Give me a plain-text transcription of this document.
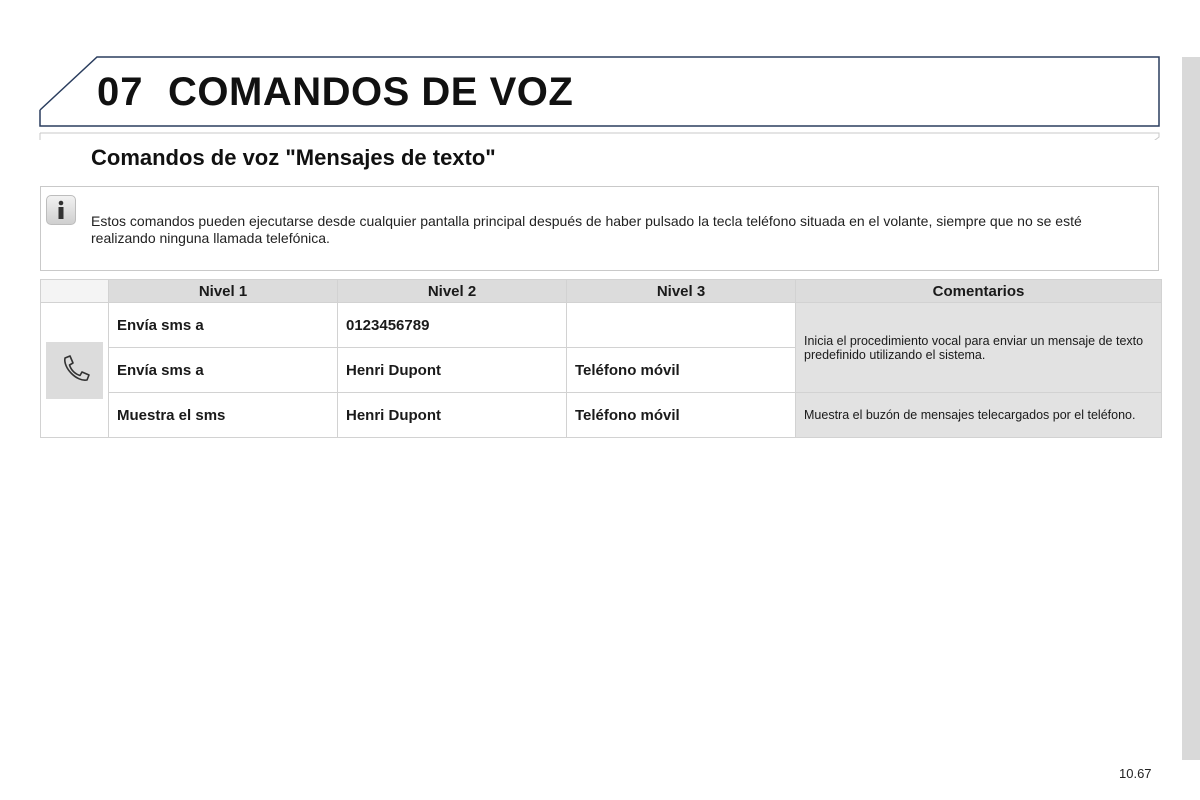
07 COMANDOS DE VOZ
Comandos de voz "Mensajes de texto"
Estos comandos pueden ejecutarse desde cualquier pantalla principal después de haber pulsado la tecla teléfono situada en el volante, siempre que no se esté realizando ninguna llamada telefónica.
	Nivel 1	Nivel 2	Nivel 3	Comentarios

	Envía sms a	0123456789		Inicia el procedimiento vocal para enviar un mensaje de texto predefinido utilizando el sistema.
	Envía sms a	Henri Dupont	Teléfono móvil	
	Muestra el sms	Henri Dupont	Teléfono móvil	Muestra el buzón de mensajes telecargados por el teléfono.
10.67
